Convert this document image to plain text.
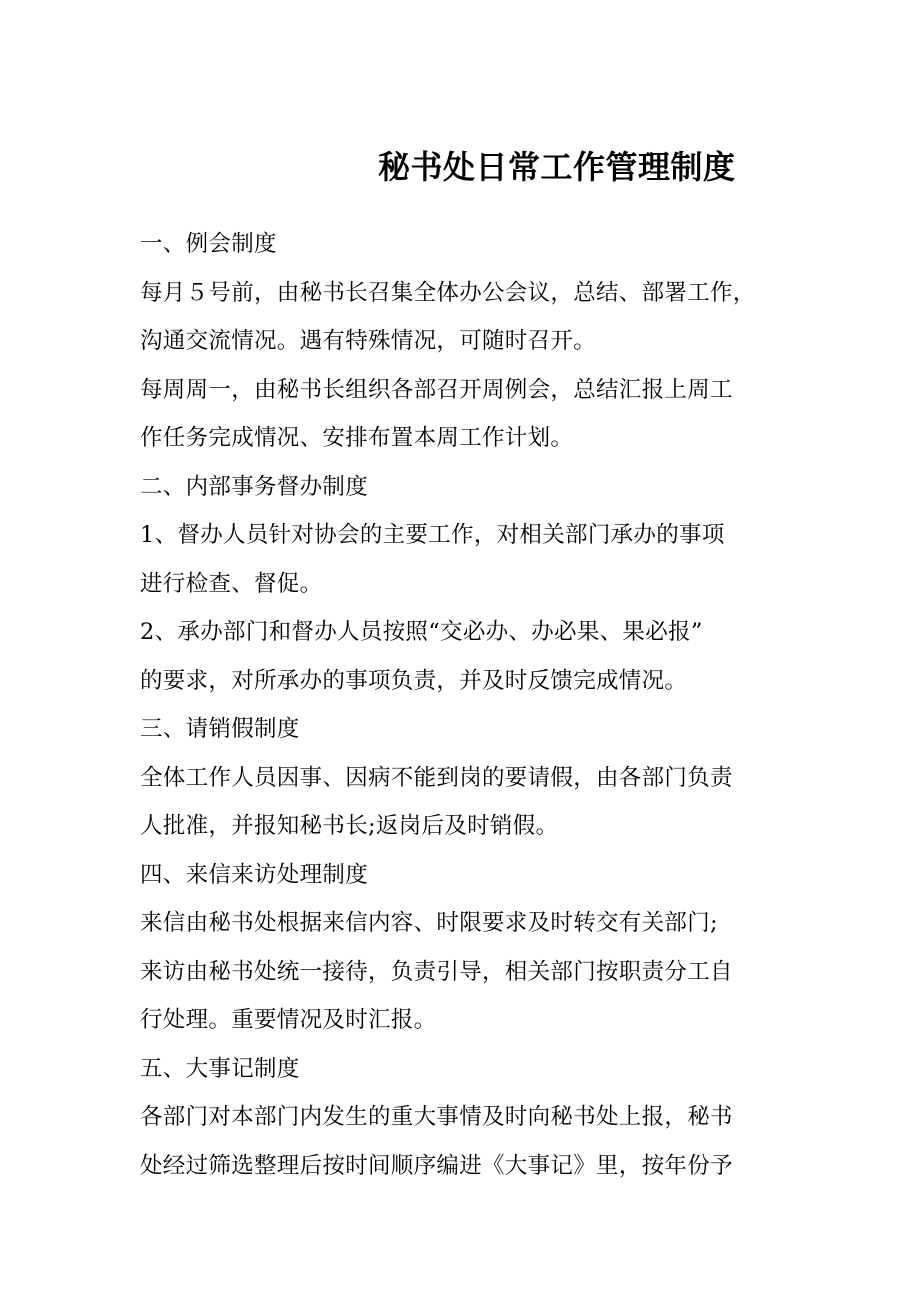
秘书处日常工作管理制度
一、例会制度
每月５号前，由秘书长召集全体办公会议，总结、部署工作，
沟通交流情况。遇有特殊情况，可随时召开。
每周周一，由秘书长组织各部召开周例会，总结汇报上周工
作任务完成情况、安排布置本周工作计划。
二、内部事务督办制度
1、督办人员针对协会的主要工作，对相关部门承办的事项
进行检查、督促。
2、承办部门和督办人员按照“交必办、办必果、果必报”
的要求，对所承办的事项负责，并及时反馈完成情况。
三、请销假制度
全体工作人员因事、因病不能到岗的要请假，由各部门负责
人批准，并报知秘书长;返岗后及时销假。
四、来信来访处理制度
来信由秘书处根据来信内容、时限要求及时转交有关部门;
来访由秘书处统一接待，负责引导，相关部门按职责分工自
行处理。重要情况及时汇报。
五、大事记制度
各部门对本部门内发生的重大事情及时向秘书处上报，秘书
处经过筛选整理后按时间顺序编进《大事记》里，按年份予
